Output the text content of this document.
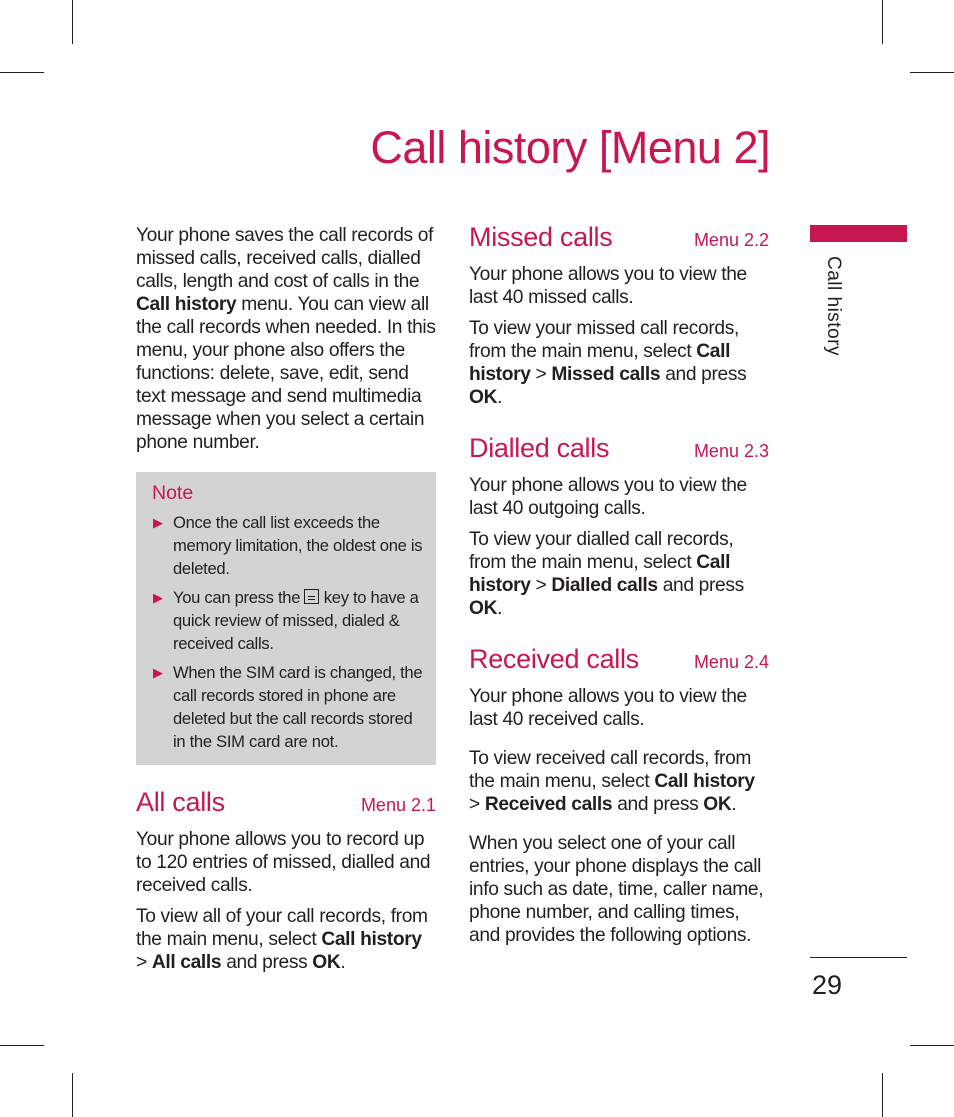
Call history [Menu 2]
Call history
29

Your phone saves the call records of missed calls, received calls, dialled calls, length and cost of calls in the Call history menu. You can view all the call records when needed. In this menu, your phone also offers the functions: delete, save, edit, send text message and send multimedia message when you select a certain phone number.

Note
▶ Once the call list exceeds the memory limitation, the oldest one is deleted.
▶ You can press the  key to have a quick review of missed, dialed & received calls.
▶ When the SIM card is changed, the call records stored in phone are deleted but the call records stored in the SIM card are not.
All calls	Menu 2.1

Your phone allows you to record up to 120 entries of missed, dialled and received calls.

To view all of your call records, from the main menu, select Call history > All calls and press OK.

Missed calls	Menu 2.2

Your phone allows you to view the last 40 missed calls.

To view your missed call records, from the main menu, select Call history > Missed calls and press OK.

Dialled calls	Menu 2.3

Your phone allows you to view the last 40 outgoing calls.

To view your dialled call records, from the main menu, select Call history > Dialled calls and press OK.

Received calls	Menu 2.4

Your phone allows you to view the last 40 received calls.

To view received call records, from the main menu, select Call history > Received calls and press OK.

When you select one of your call entries, your phone displays the call info such as date, time, caller name, phone number, and calling times, and provides the following options.
